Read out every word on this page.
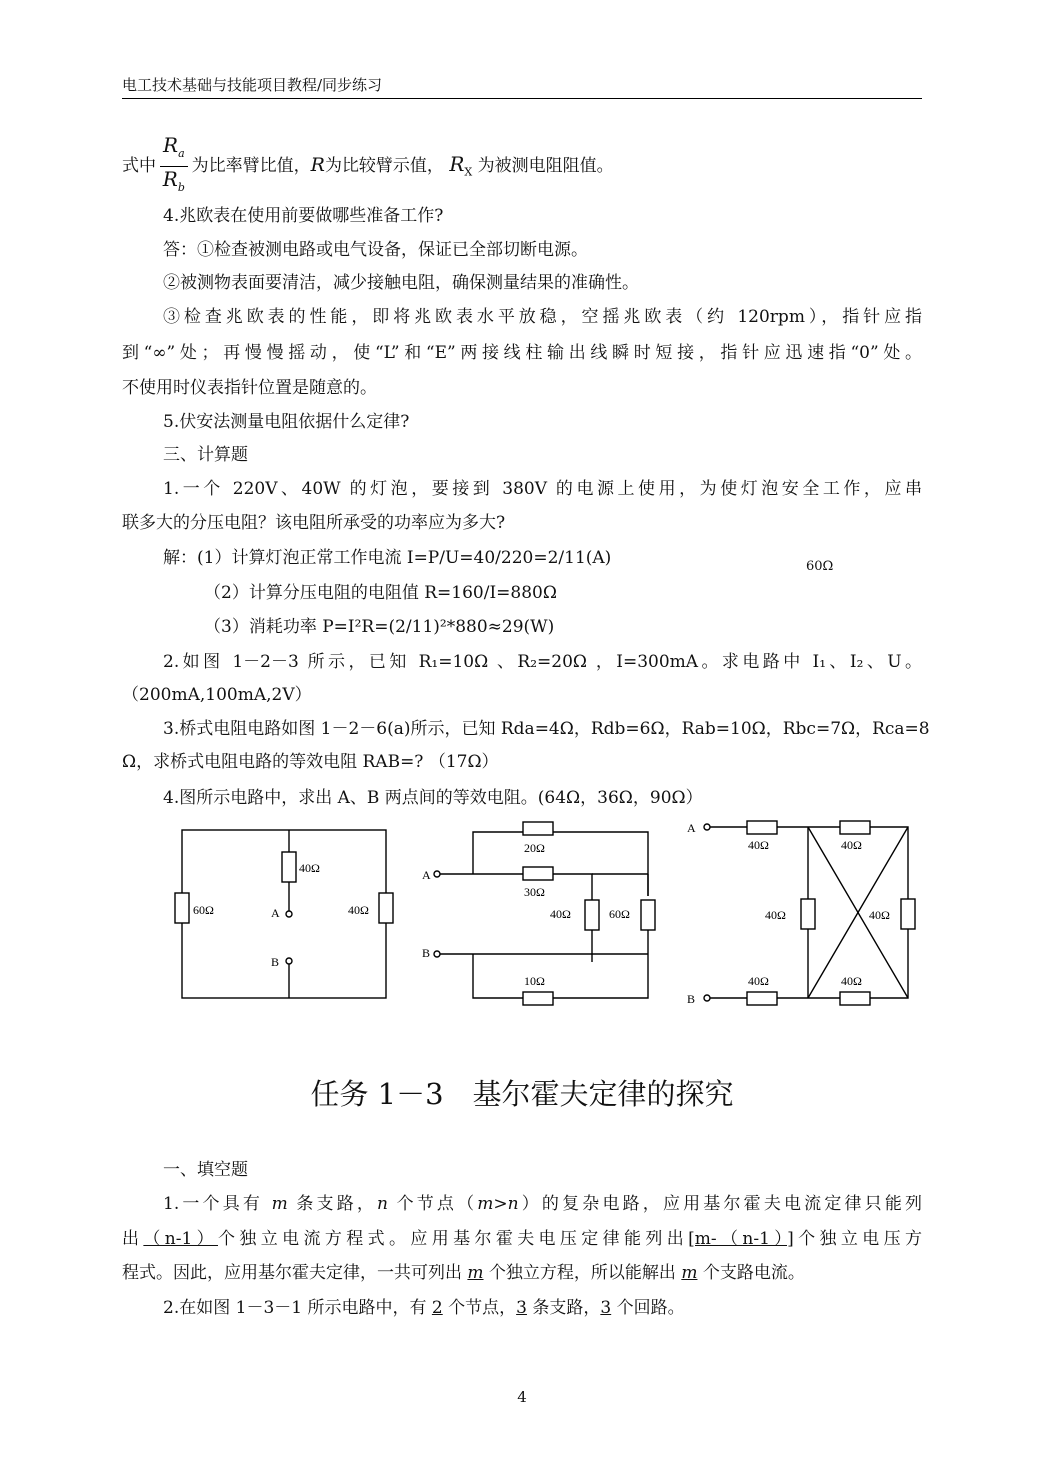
电工技术基础与技能项目教程/同步练习
式中 $\frac{R_a}{R_b}$ 为比率臂比值，R为比较臂示值， $R_X$ 为被测电阻阻值。
4.兆欧表在使用前要做哪些准备工作?
答：①检查被测电路或电气设备，保证已全部切断电源。
②被测物表面要清洁，减少接触电阻，确保测量结果的准确性。
③检查兆欧表的性能，即将兆欧表水平放稳，空摇兆欧表（约 120rpm），指针应指
到“∞”处；再慢慢摇动，使“L”和“E”两接线柱输出线瞬时短接，指针应迅速指“0”处。
不使用时仪表指针位置是随意的。
5.伏安法测量电阻依据什么定律?
三、计算题
1.一个 220V、40W 的灯泡，要接到 380V 的电源上使用，为使灯泡安全工作，应串
联多大的分压电阻？该电阻所承受的功率应为多大?
解：(1）计算灯泡正常工作电流 I=P/U=40/220=2/11(A)	60Ω
（2）计算分压电阻的电阻值 R=160/I=880Ω
（3）消耗功率 P=I²R=(2/11)²*880≈29(W)
2.如图 1－2－3 所示，已知 R₁=10Ω 、R₂=20Ω ，I=300mA。求电路中 I₁、I₂、U。
（200mA,100mA,2V）
3.桥式电阻电路如图 1－2－6(a)所示，已知 Rda=4Ω，Rdb=6Ω，Rab=10Ω，Rbc=7Ω，Rca=8
Ω，求桥式电阻电路的等效电阻 RAB=? （17Ω）
4.图所示电路中，求出 A、B 两点间的等效电阻。(64Ω，36Ω，90Ω）
40Ω
60Ω	40Ω
A
B
20Ω
30Ω
40Ω	60Ω
10Ω
A
B
40Ω	40Ω
40Ω	40Ω
40Ω	40Ω
A
B
任务 1－3　基尔霍夫定律的探究
一、填空题
1.一个具有 m 条支路，n 个节点（m>n）的复杂电路，应用基尔霍夫电流定律只能列
出（n-1）个独立电流方程式。应用基尔霍夫电压定律能列出[m-（n-1）]个独立电压方
程式。因此，应用基尔霍夫定律，一共可列出 m 个独立方程，所以能解出 m 个支路电流。
2.在如图 1－3－1 所示电路中，有 2 个节点，3 条支路，3 个回路。
4
